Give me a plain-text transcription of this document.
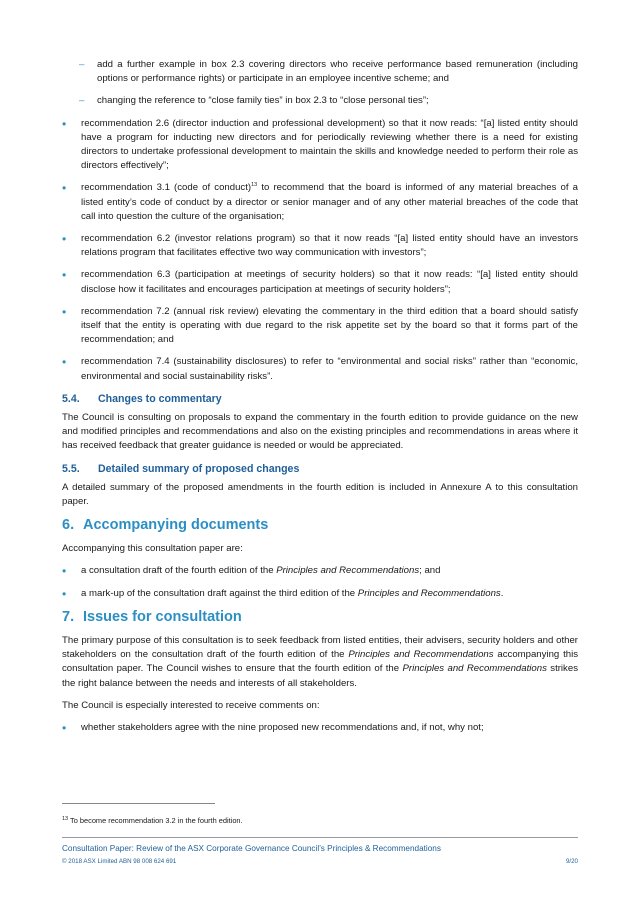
–	add a further example in box 2.3 covering directors who receive performance based remuneration (including options or performance rights) or participate in an employee incentive scheme; and
–	changing the reference to “close family ties” in box 2.3 to “close personal ties”;
•	recommendation 2.6 (director induction and professional development) so that it now reads: “[a] listed entity should have a program for inducting new directors and for periodically reviewing whether there is a need for existing directors to undertake professional development to maintain the skills and knowledge needed to perform their role as directors effectively”;
•	recommendation 3.1 (code of conduct)$^{13}$ to recommend that the board is informed of any material breaches of a listed entity’s code of conduct by a director or senior manager and of any other material breaches of the code that call into question the culture of the organisation;
•	recommendation 6.2 (investor relations program) so that it now reads “[a] listed entity should have an investors relations program that facilitates effective two way communication with investors”;
•	recommendation 6.3 (participation at meetings of security holders) so that it now reads: “[a] listed entity should disclose how it facilitates and encourages participation at meetings of security holders”;
•	recommendation 7.2 (annual risk review) elevating the commentary in the third edition that a board should satisfy itself that the entity is operating with due regard to the risk appetite set by the board so that it forms part of the recommendation; and
•	recommendation 7.4 (sustainability disclosures) to refer to “environmental and social risks” rather than “economic, environmental and social sustainability risks”.
5.4.	Changes to commentary

The Council is consulting on proposals to expand the commentary in the fourth edition to provide guidance on the new and modified principles and recommendations and also on the existing principles and recommendations in areas where it has received feedback that greater guidance is needed or would be appreciated.

5.5.	Detailed summary of proposed changes

A detailed summary of the proposed amendments in the fourth edition is included in Annexure A to this consultation paper.

6. Accompanying documents

Accompanying this consultation paper are:

•	a consultation draft of the fourth edition of the Principles and Recommendations; and
•	a mark-up of the consultation draft against the third edition of the Principles and Recommendations.
7. Issues for consultation

The primary purpose of this consultation is to seek feedback from listed entities, their advisers, security holders and other stakeholders on the consultation draft of the fourth edition of the Principles and Recommendations accompanying this consultation paper. The Council wishes to ensure that the fourth edition of the Principles and Recommendations strikes the right balance between the needs and interests of all stakeholders.

The Council is especially interested to receive comments on:

•	whether stakeholders agree with the nine proposed new recommendations and, if not, why not;
$^{13}$ To become recommendation 3.2 in the fourth edition.
Consultation Paper: Review of the ASX Corporate Governance Council’s Principles & Recommendations
© 2018 ASX Limited ABN 98 008 624 691	9/20
